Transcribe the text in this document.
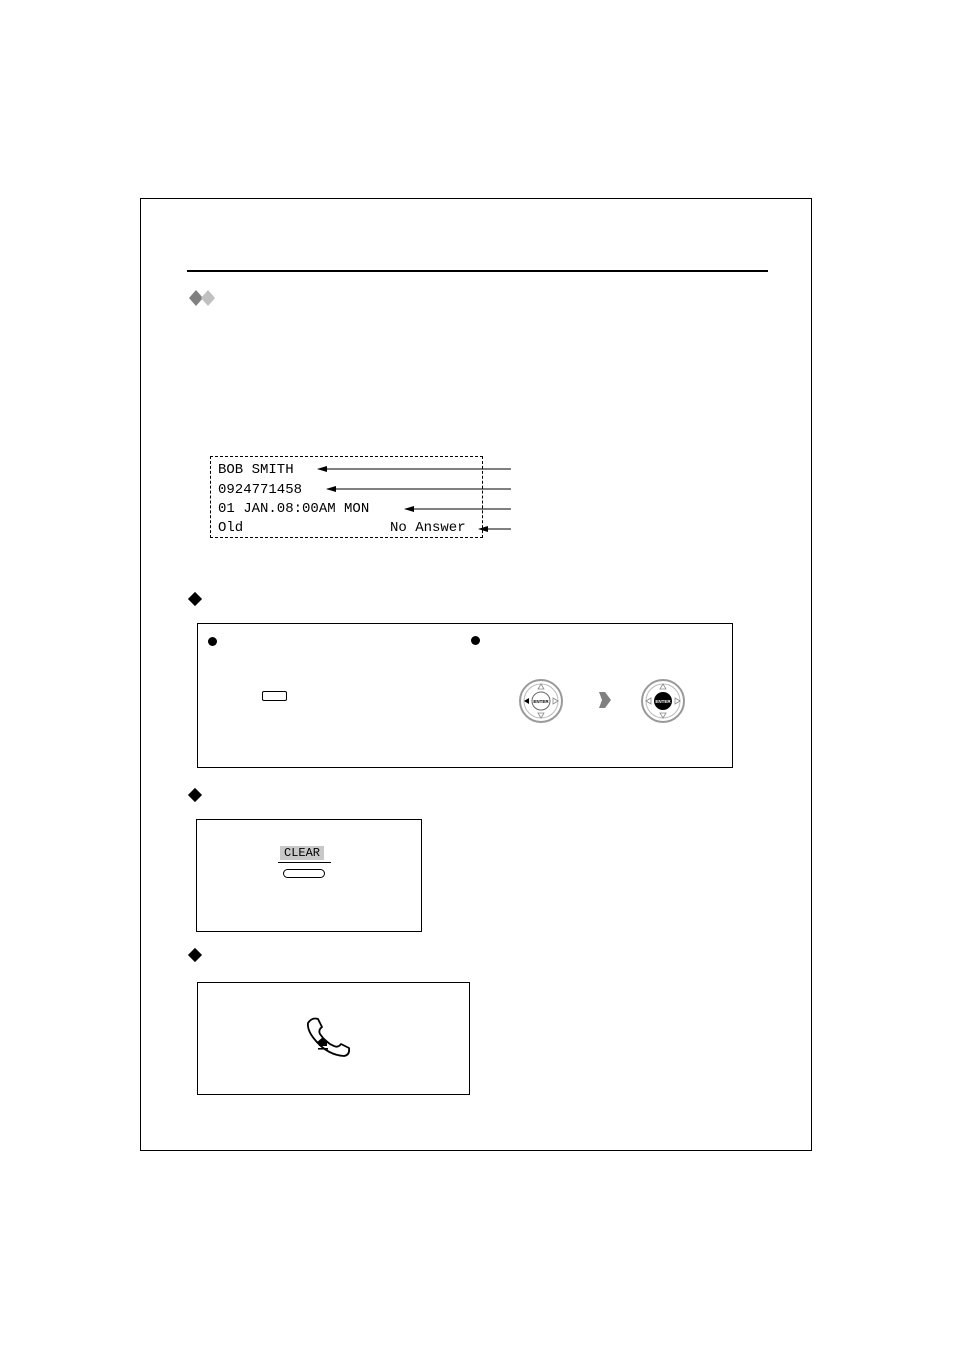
BOB SMITH
0924771458
01 JAN.08:00AM MON
Old	No Answer
ENTER	ENTER
CLEAR
